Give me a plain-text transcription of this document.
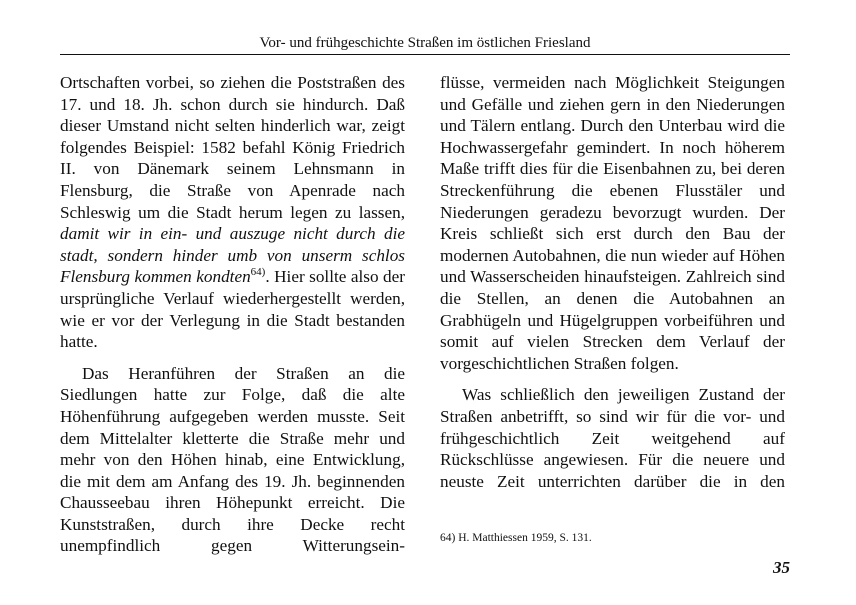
Vor- und frühgeschichte Straßen im östlichen Friesland

Ortschaften vorbei, so ziehen die Poststraßen des 17. und 18. Jh. schon durch sie hindurch. Daß dieser Umstand nicht selten hinderlich war, zeigt folgendes Beispiel: 1582 befahl König Friedrich II. von Dänemark seinem Lehnsmann in Flensburg, die Straße von Apenrade nach Schleswig um die Stadt herum legen zu lassen, damit wir in ein- und auszuge nicht durch die stadt, sondern hinder umb von unserm schlos Flensburg kommen kondten$^{64)}$. Hier sollte also der ursprüngliche Verlauf wiederhergestellt werden, wie er vor der Verlegung in die Stadt bestanden hatte.

Das Heranführen der Straßen an die Siedlungen hatte zur Folge, daß die alte Höhenführung aufgegeben werden musste. Seit dem Mittelalter kletterte die Straße mehr und mehr von den Höhen hinab, eine Entwicklung, die mit dem am Anfang des 19. Jh. beginnenden Chausseebau ihren Höhepunkt erreicht. Die Kunststraßen, durch ihre Decke recht unempfindlich gegen Witterungsein-

flüsse, vermeiden nach Möglichkeit Steigungen und Gefälle und ziehen gern in den Niederungen und Tälern entlang. Durch den Unterbau wird die Hochwassergefahr gemindert. In noch höherem Maße trifft dies für die Eisenbahnen zu, bei deren Streckenführung die ebenen Flusstäler und Niederungen geradezu bevorzugt wurden. Der Kreis schließt sich erst durch den Bau der modernen Autobahnen, die nun wieder auf Höhen und Wasserscheiden hinaufsteigen. Zahlreich sind die Stellen, an denen die Autobahnen an Grabhügeln und Hügelgruppen vorbeiführen und somit auf vielen Strecken dem Verlauf der vorgeschichtlichen Straßen folgen.

Was schließlich den jeweiligen Zustand der Straßen anbetrifft, so sind wir für die vor- und frühgeschichtlich Zeit weitgehend auf Rückschlüsse angewiesen. Für die neuere und neuste Zeit unterrichten darüber die in den

64) H. Matthiessen 1959, S. 131.
35
